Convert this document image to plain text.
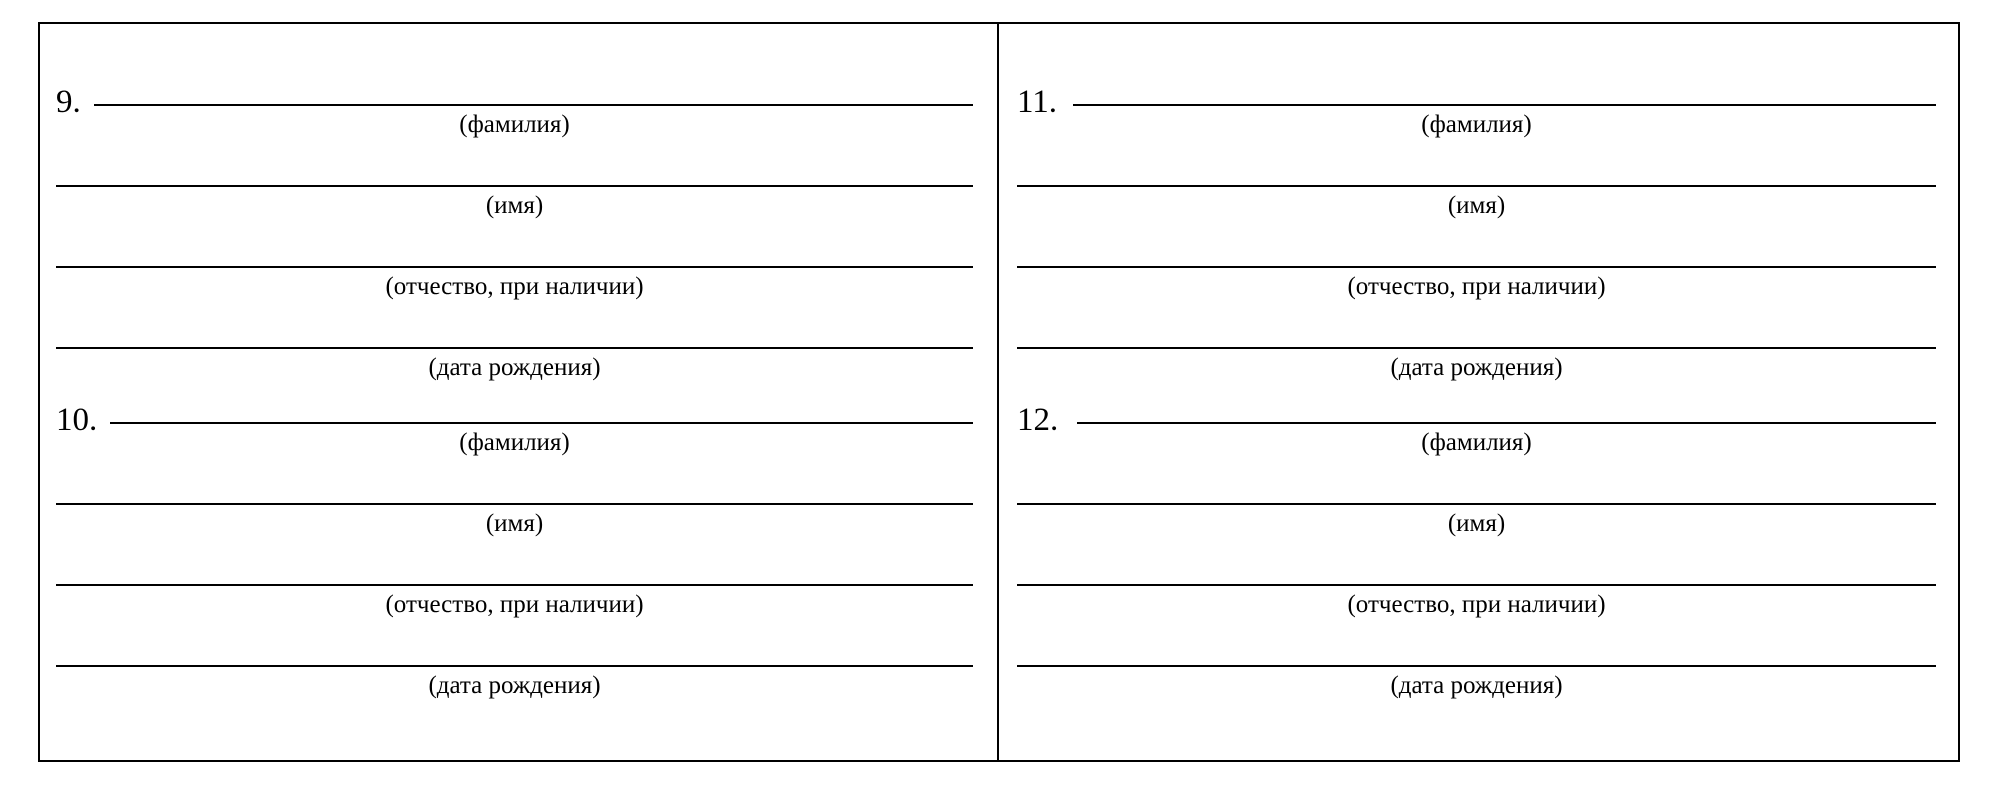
9.
(фамилия)
(имя)
(отчество, при наличии)
(дата рождения)
10.
(фамилия)
(имя)
(отчество, при наличии)
(дата рождения)
11.
(фамилия)
(имя)
(отчество, при наличии)
(дата рождения)
12.
(фамилия)
(имя)
(отчество, при наличии)
(дата рождения)
